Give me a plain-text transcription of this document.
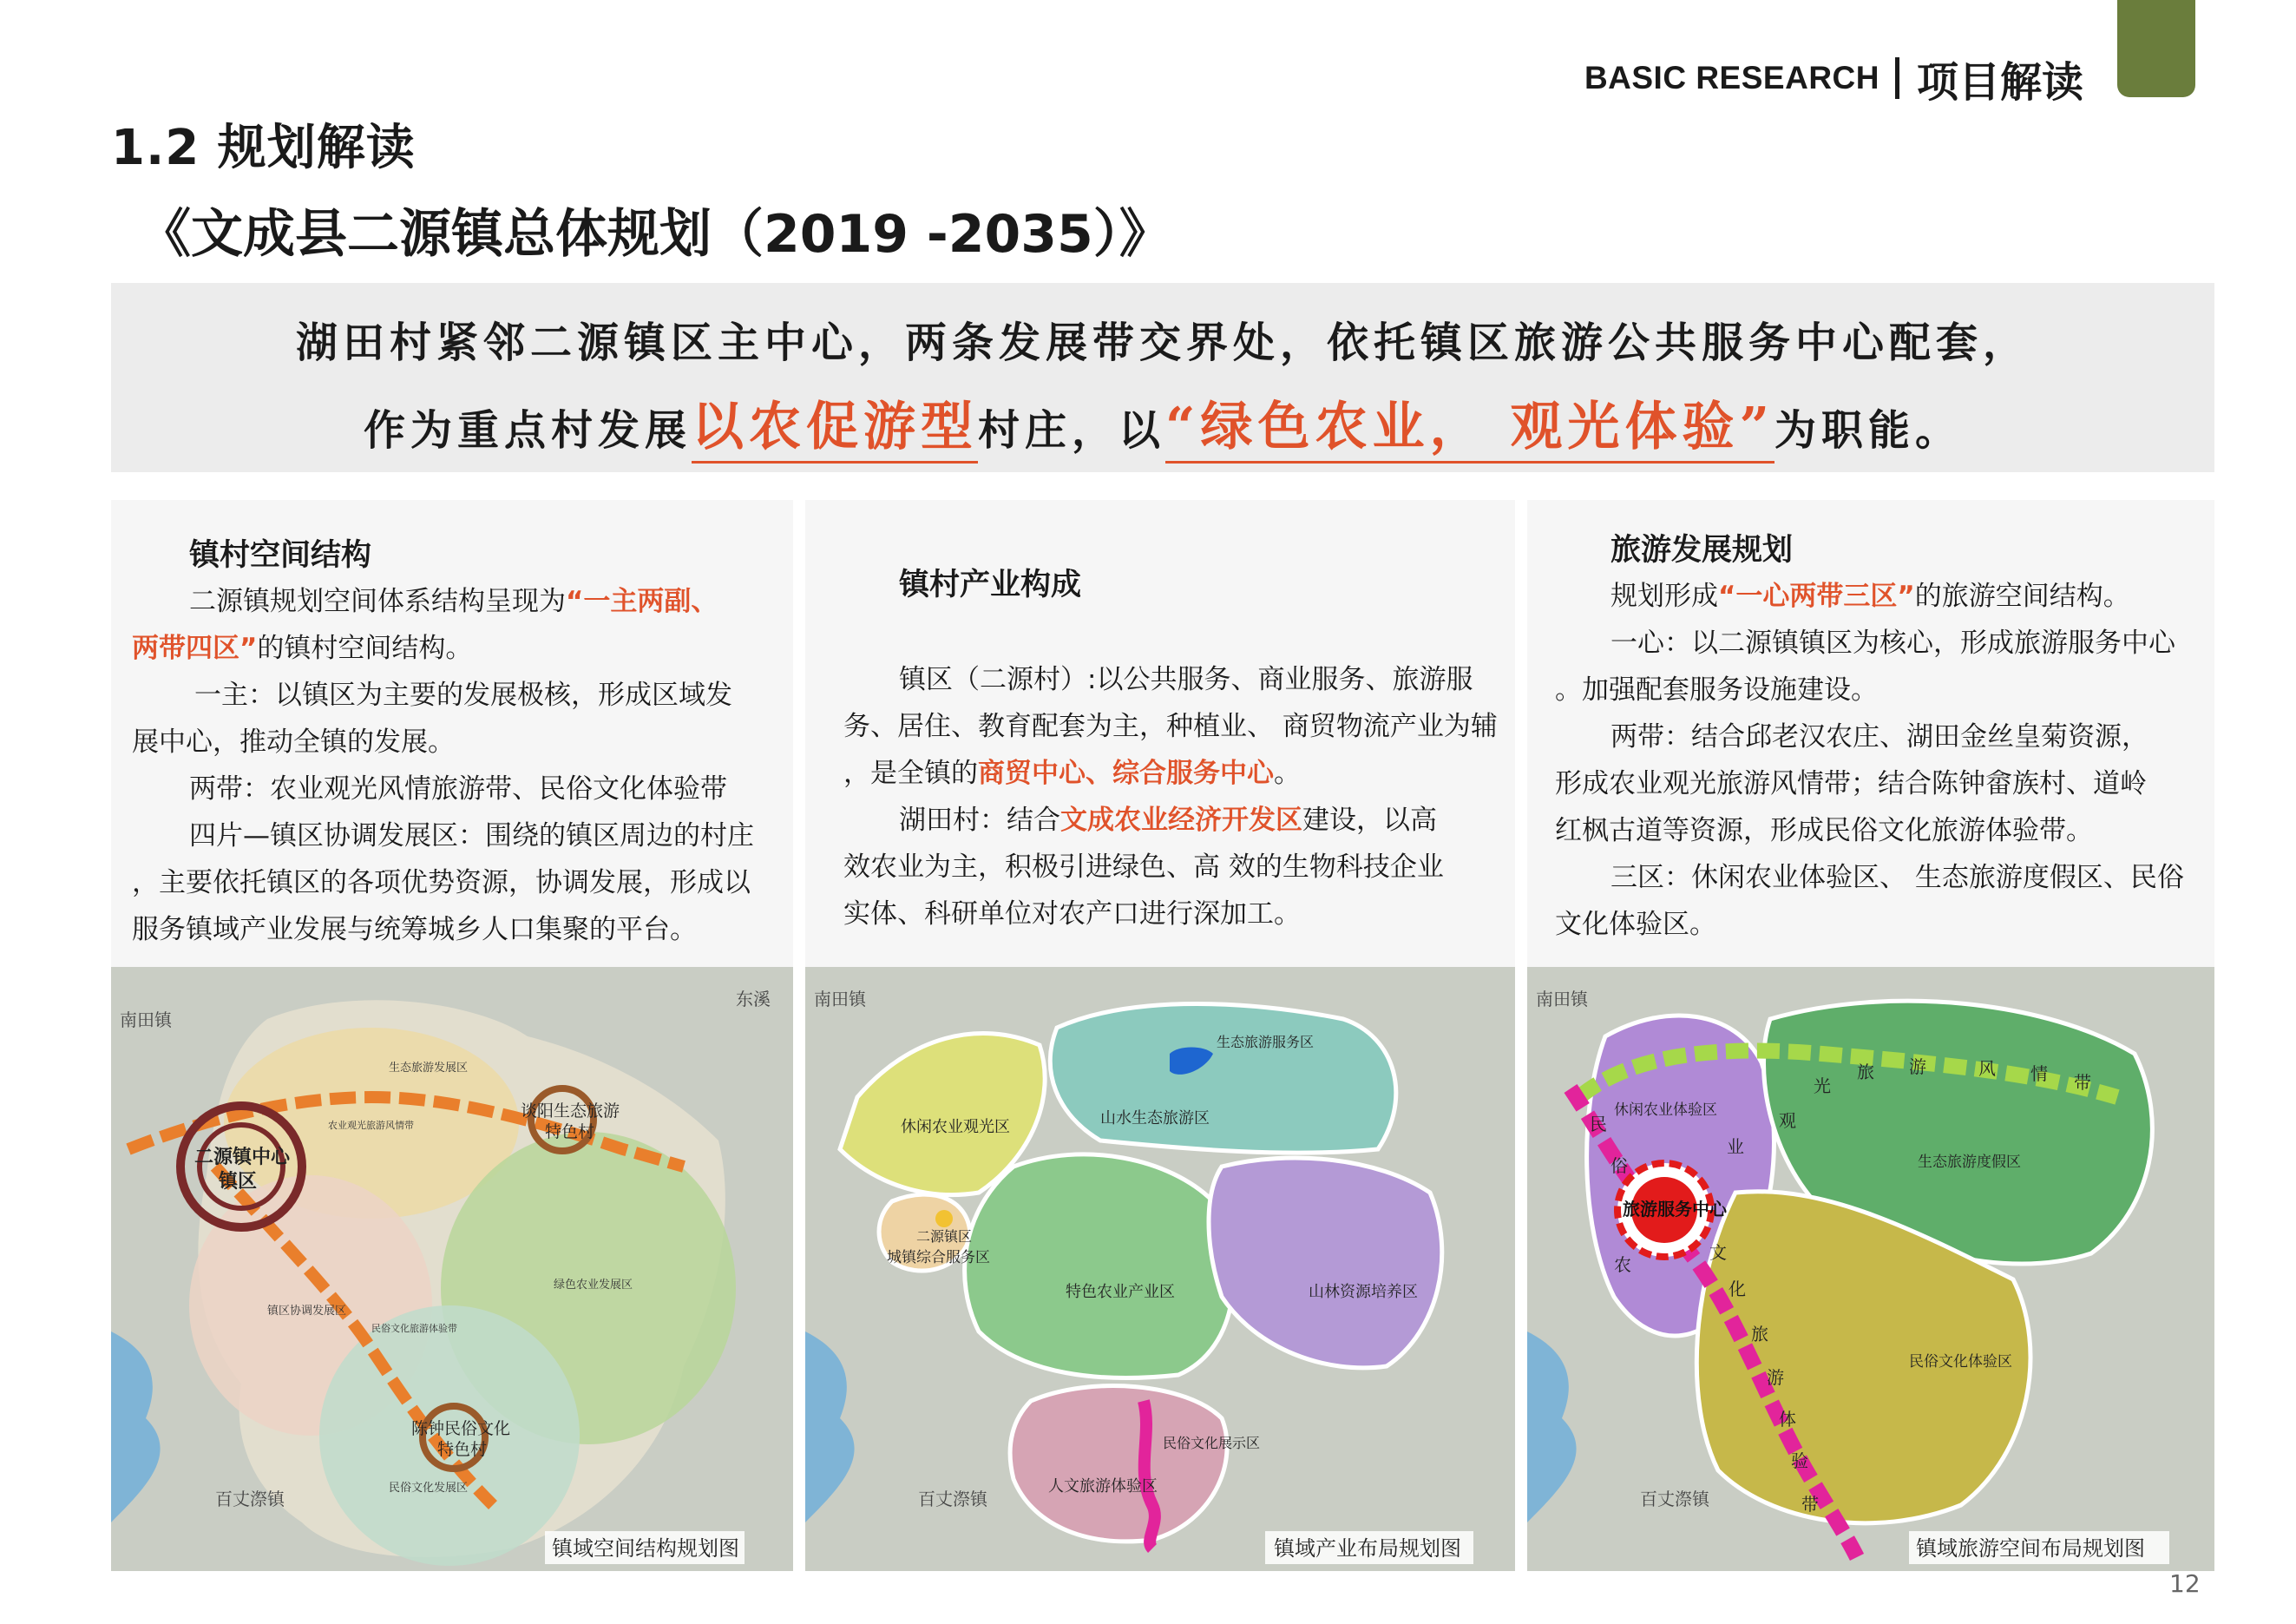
BASIC RESEARCH 项目解读
1.2 规划解读
《文成县二源镇总体规划（2019 -2035）》
湖田村紧邻二源镇区主中心，两条发展带交界处，依托镇区旅游公共服务中心配套，
作为重点村发展以农促游型村庄，以“绿色农业， 观光体验”为职能。
镇村空间结构

二源镇规划空间体系结构呈现为“一主两副、

两带四区”的镇村空间结构。

一主：以镇区为主要的发展极核，形成区域发

展中心，推动全镇的发展。

两带：农业观光风情旅游带、民俗文化体验带

四片—镇区协调发展区：围绕的镇区周边的村庄

，主要依托镇区的各项优势资源，协调发展，形成以

服务镇域产业发展与统筹城乡人口集聚的平台。

镇村产业构成

镇区（二源村）:以公共服务、商业服务、旅游服

务、居住、教育配套为主，种植业、 商贸物流产业为辅

，是全镇的商贸中心、综合服务中心。

湖田村：结合文成农业经济开发区建设，以高

效农业为主，积极引进绿色、高 效的生物科技企业

实体、科研单位对农产口进行深加工。

旅游发展规划

规划形成“一心两带三区”的旅游空间结构。

一心：以二源镇镇区为核心，形成旅游服务中心

。加强配套服务设施建设。

两带：结合邱老汉农庄、湖田金丝皇菊资源，

形成农业观光旅游风情带；结合陈钟畲族村、道岭

红枫古道等资源，形成民俗文化旅游体验带。

三区：休闲农业体验区、 生态旅游度假区、民俗

文化体验区。

南田镇
东溪
百丈漈镇
二源镇中心
镇区
谈阳生态旅游
特色村
陈钟民俗文化
特色村
生态旅游发展区
绿色农业发展区
镇区协调发展区
民俗文化发展区
农业观光旅游风情带
民俗文化旅游体验带
镇域空间结构规划图
南田镇
百丈漈镇
休闲农业观光区
二源镇区
城镇综合服务区
生态旅游服务区
山水生态旅游区
特色农业产业区	山林资源培养区
民俗文化展示区
人文旅游体验区
镇域产业布局规划图
南田镇
百丈漈镇
旅游服务中心
休闲农业体验区
生态旅游度假区
民俗文化体验区
观
光
旅 游	风 情 带
民
俗
文
化
旅
游
体
验
带
农
业
镇域旅游空间布局规划图
12
